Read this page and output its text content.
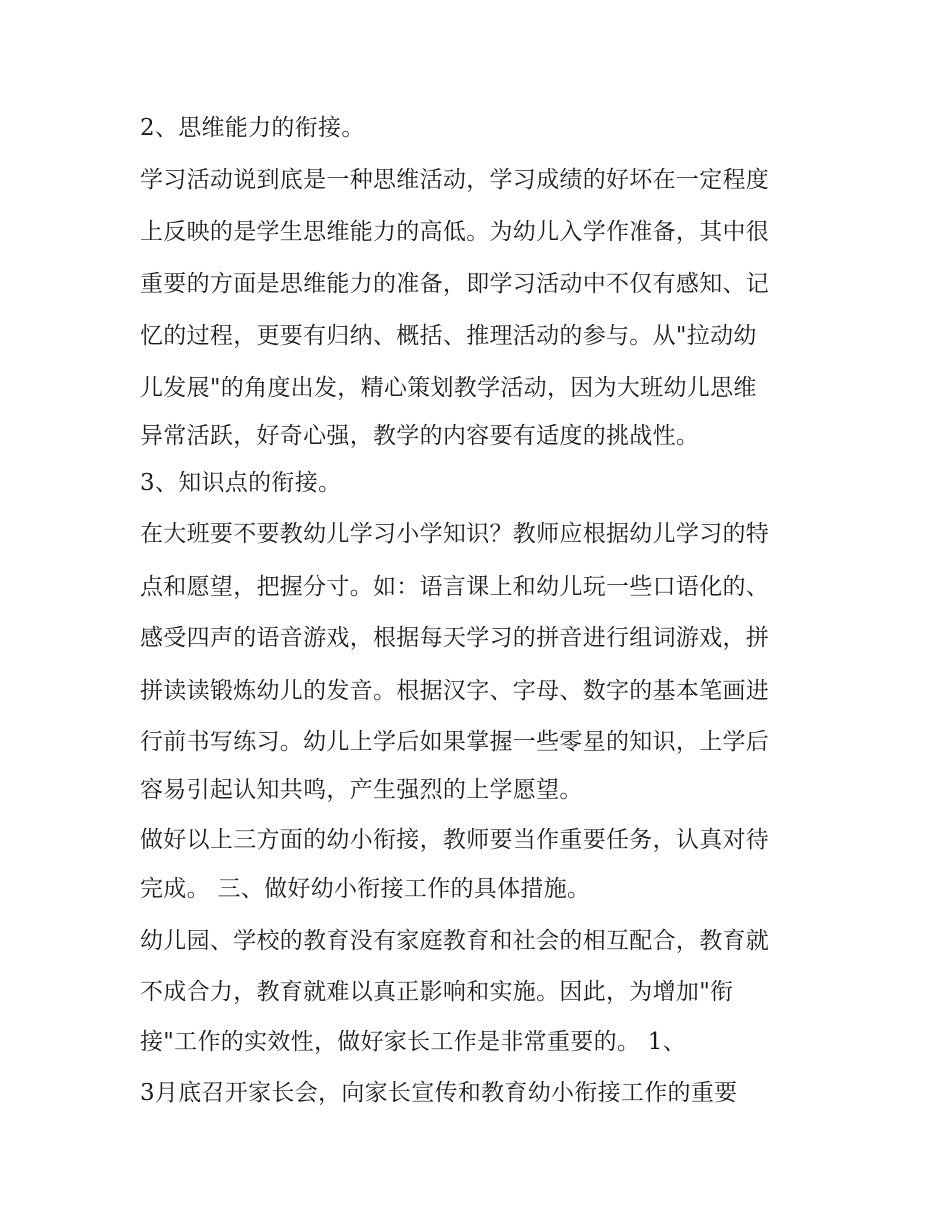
2、思维能力的衔接。

学习活动说到底是一种思维活动，学习成绩的好坏在一定程度

上反映的是学生思维能力的高低。为幼儿入学作准备，其中很

重要的方面是思维能力的准备，即学习活动中不仅有感知、记

忆的过程，更要有归纳、概括、推理活动的参与。从"拉动幼

儿发展"的角度出发，精心策划教学活动，因为大班幼儿思维

异常活跃，好奇心强，教学的内容要有适度的挑战性。

3、知识点的衔接。

在大班要不要教幼儿学习小学知识？教师应根据幼儿学习的特

点和愿望，把握分寸。如：语言课上和幼儿玩一些口语化的、

感受四声的语音游戏，根据每天学习的拼音进行组词游戏，拼

拼读读锻炼幼儿的发音。根据汉字、字母、数字的基本笔画进

行前书写练习。幼儿上学后如果掌握一些零星的知识，上学后

容易引起认知共鸣，产生强烈的上学愿望。

做好以上三方面的幼小衔接，教师要当作重要任务，认真对待

完成。 三、做好幼小衔接工作的具体措施。

幼儿园、学校的教育没有家庭教育和社会的相互配合，教育就

不成合力，教育就难以真正影响和实施。因此，为增加"衔

接"工作的实效性，做好家长工作是非常重要的。 1、

3月底召开家长会，向家长宣传和教育幼小衔接工作的重要
